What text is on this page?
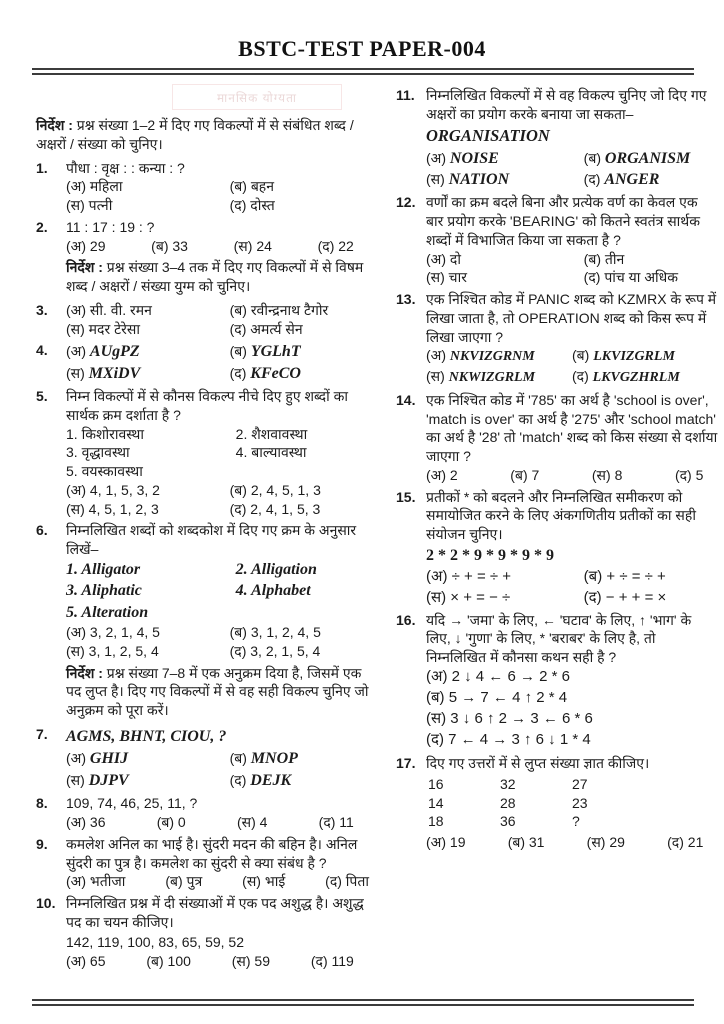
BSTC-TEST PAPER-004
मानसिक योग्यता
निर्देश : प्रश्न संख्या 1–2 में दिए गए विकल्पों में से संबंधित शब्द / अक्षरों / संख्या को चुनिए।
1.	पौधा : वृक्ष : : कन्या : ?
(अ) महिला	(ब) बहन
(स) पत्नी	(द) दोस्त
2.	11 : 17 : 19 : ?
(अ) 29	(ब) 33	(स) 24	(द) 22
निर्देश : प्रश्न संख्या 3–4 तक में दिए गए विकल्पों में से विषम शब्द / अक्षरों / संख्या युग्म को चुनिए।
3.	(अ) सी. वी. रमन	(ब) रवीन्द्रनाथ टैगोर
(स) मदर टेरेसा	(द) अमर्त्य सेन
4.	(अ) AUgPZ	(ब) YGLhT
(स) MXiDV	(द) KFeCO
5.	निम्न विकल्पों में से कौनस विकल्प नीचे दिए हुए शब्दों का सार्थक क्रम दर्शाता है ?
1. किशोरावस्था	2. शैशवावस्था
3. वृद्धावस्था	4. बाल्यावस्था
5. वयस्कावस्था
(अ) 4, 1, 5, 3, 2	(ब) 2, 4, 5, 1, 3
(स) 4, 5, 1, 2, 3	(द) 2, 4, 1, 5, 3
6.	निम्नलिखित शब्दों को शब्दकोश में दिए गए क्रम के अनुसार लिखें–
1. Alligator	2. Alligation
3. Aliphatic	4. Alphabet
5. Alteration
(अ) 3, 2, 1, 4, 5	(ब) 3, 1, 2, 4, 5
(स) 3, 1, 2, 5, 4	(द) 3, 2, 1, 5, 4
निर्देश : प्रश्न संख्या 7–8 में एक अनुक्रम दिया है, जिसमें एक पद लुप्त है। दिए गए विकल्पों में से वह सही विकल्प चुनिए जो अनुक्रम को पूरा करें।
7.	AGMS, BHNT, CIOU, ?
(अ) GHIJ	(ब) MNOP
(स) DJPV	(द) DEJK
8.	109, 74, 46, 25, 11, ?
(अ) 36	(ब) 0	(स) 4	(द) 11
9.	कमलेश अनिल का भाई है। सुंदरी मदन की बहिन है। अनिल सुंदरी का पुत्र है। कमलेश का सुंदरी से क्या संबंध है ?
(अ) भतीजा	(ब) पुत्र	(स) भाई	(द) पिता
10. निम्नलिखित प्रश्न में दी संख्याओं में एक पद अशुद्ध है। अशुद्ध पद का चयन कीजिए।
142, 119, 100, 83, 65, 59, 52
(अ) 65	(ब) 100	(स) 59	(द) 119
11. निम्नलिखित विकल्पों में से वह विकल्प चुनिए जो दिए गए अक्षरों का प्रयोग करके बनाया जा सकता–
ORGANISATION
(अ) NOISE	(ब) ORGANISM
(स) NATION	(द) ANGER
12. वर्णों का क्रम बदले बिना और प्रत्येक वर्ण का केवल एक बार प्रयोग करके 'BEARING' को कितने स्वतंत्र सार्थक शब्दों में विभाजित किया जा सकता है ?
(अ) दो	(ब) तीन
(स) चार	(द) पांच या अधिक
13. एक निश्चित कोड में PANIC शब्द को KZMRX के रूप में लिखा जाता है, तो OPERATION शब्द को किस रूप में लिखा जाएगा ?
(अ) NKVIZGRNM	(ब) LKVIZGRLM
(स) NKWIZGRLM	(द) LKVGZHRLM
14. एक निश्चित कोड में '785' का अर्थ है 'school is over', 'match is over' का अर्थ है '275' और 'school match' का अर्थ है '28' तो 'match' शब्द को किस संख्या से दर्शाया जाएगा ?
(अ) 2	(ब) 7	(स) 8	(द) 5
15. प्रतीकों * को बदलने और निम्नलिखित समीकरण को समायोजित करने के लिए अंकगणितीय प्रतीकों का सही संयोजन चुनिए।
2 * 2 * 9 * 9 * 9 * 9
(अ) ÷ + = ÷ +	(ब) + ÷ = ÷ +
(स) × + = − ÷	(द) − + + = ×
16. यदि → 'जमा' के लिए, ← 'घटाव' के लिए, ↑ 'भाग' के लिए, ↓ 'गुणा' के लिए, * 'बराबर' के लिए है, तो निम्नलिखित में कौनसा कथन सही है ?
(अ) 2 ↓ 4 ← 6 → 2 * 6
(ब) 5 → 7 ← 4 ↑ 2 * 4
(स) 3 ↓ 6 ↑ 2 → 3 ← 6 * 6
(द) 7 ← 4 → 3 ↑ 6 ↓ 1 * 4
17. दिए गए उत्तरों में से लुप्त संख्या ज्ञात कीजिए।
16	32	27
14	28	23
18	36	?
(अ) 19	(ब) 31	(स) 29	(द) 21
